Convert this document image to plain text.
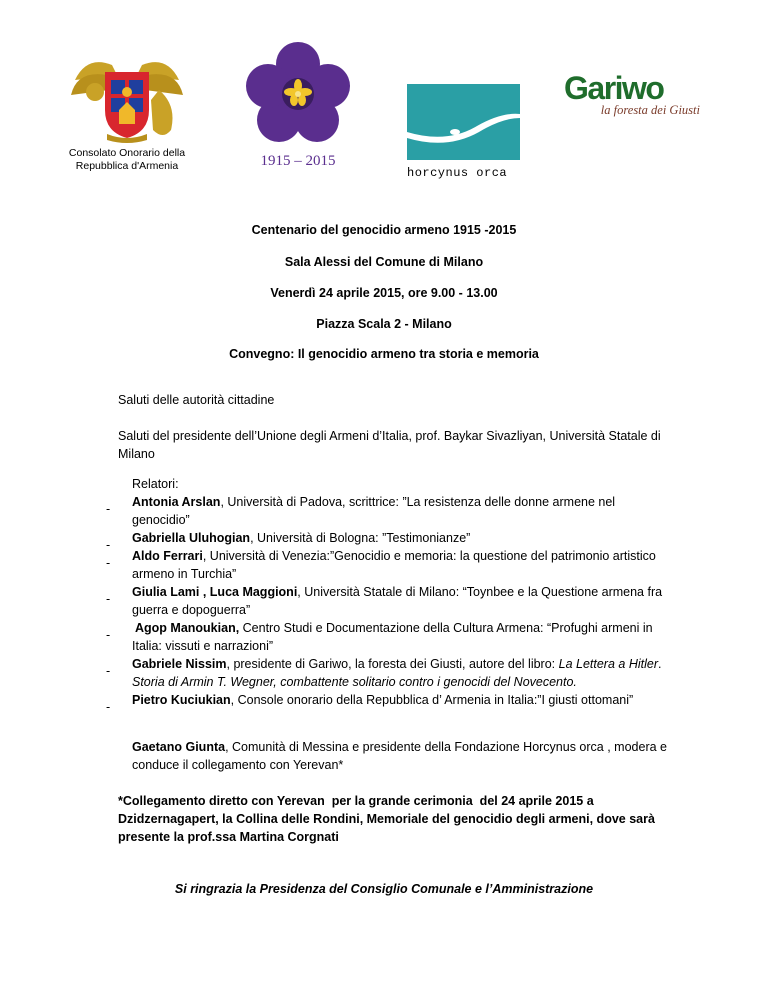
Consolato Onorario della
Repubblica d'Armenia	1915 – 2015
horcynus orca
Gariwo
la foresta dei Giusti
Centenario del genocidio armeno 1915 -2015
Sala Alessi del Comune di Milano
Venerdì 24 aprile 2015, ore 9.00 - 13.00
Piazza Scala 2 - Milano
Convegno: Il genocidio armeno tra storia e memoria
Saluti delle autorità cittadine
Saluti del presidente dell’Unione degli Armeni d’Italia, prof. Baykar Sivazliyan, Università Statale di
Milano
-
-
-
-
-
-
-
Relatori:
Antonia Arslan, Università di Padova, scrittrice: ”La resistenza delle donne armene nel
genocidio”
Gabriella Uluhogian, Università di Bologna: ”Testimonianze”
Aldo Ferrari, Università di Venezia:”Genocidio e memoria: la questione del patrimonio artistico
armeno in Turchia”
Giulia Lami , Luca Maggioni, Università Statale di Milano: “Toynbee e la Questione armena fra
guerra e dopoguerra”
Agop Manoukian, Centro Studi e Documentazione della Cultura Armena: “Profughi armeni in
Italia: vissuti e narrazioni”
Gabriele Nissim, presidente di Gariwo, la foresta dei Giusti, autore del libro: La Lettera a Hitler.
Storia di Armin T. Wegner, combattente solitario contro i genocidi del Novecento.
Pietro Kuciukian, Console onorario della Repubblica d’ Armenia in Italia:”I giusti ottomani”
Gaetano Giunta, Comunità di Messina e presidente della Fondazione Horcynus orca , modera e
conduce il collegamento con Yerevan*
*Collegamento diretto con Yerevan  per la grande cerimonia  del 24 aprile 2015 a
Dzidzernagapert, la Collina delle Rondini, Memoriale del genocidio degli armeni, dove sarà
presente la prof.ssa Martina Corgnati
Si ringrazia la Presidenza del Consiglio Comunale e l’Amministrazione
